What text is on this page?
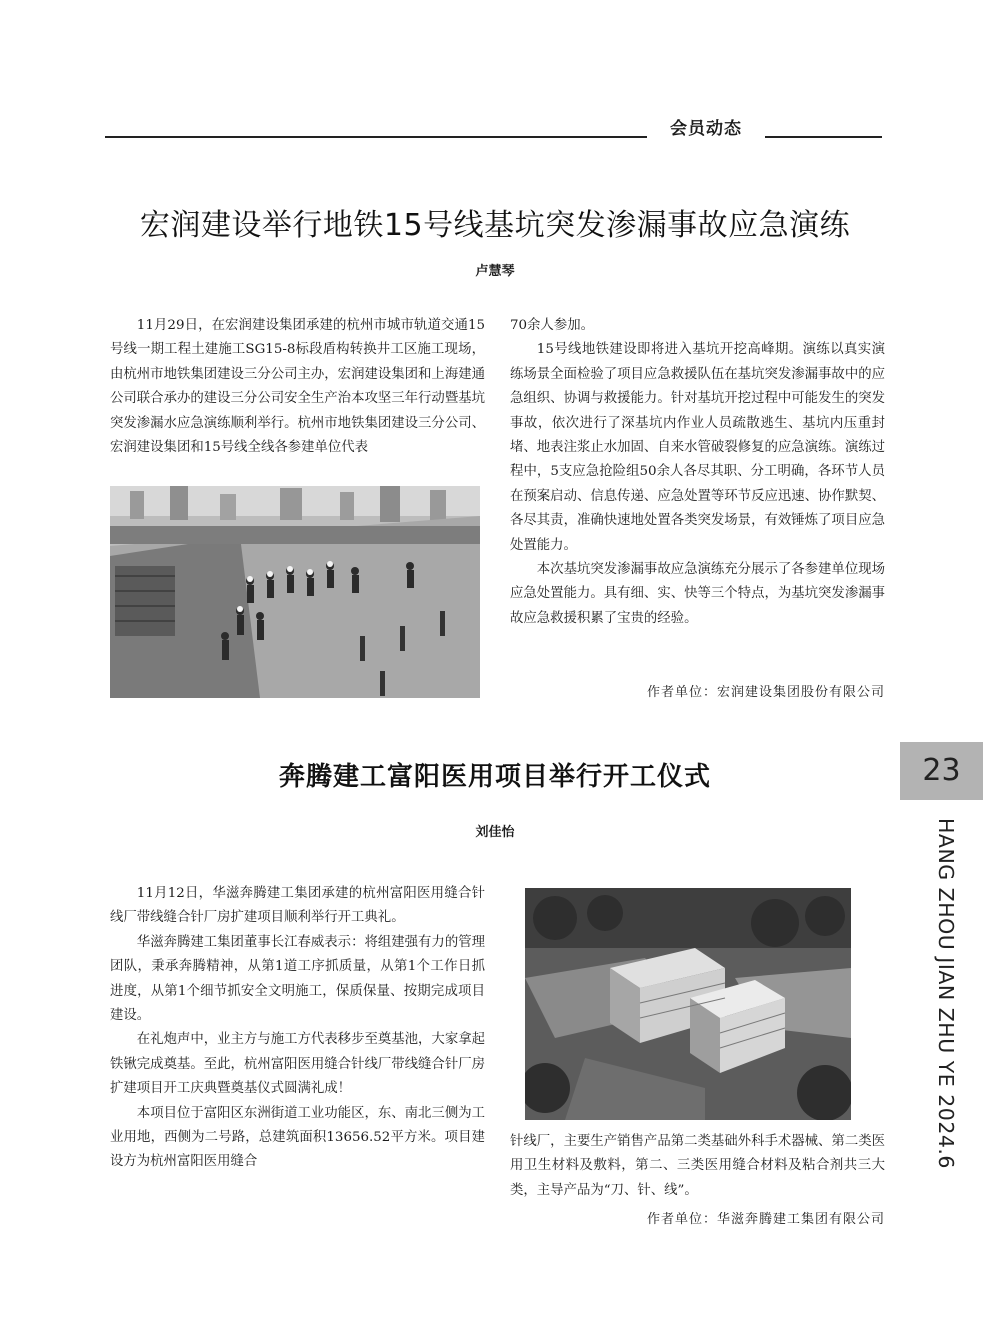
会员动态
宏润建设举行地铁15号线基坑突发渗漏事故应急演练
卢慧琴

11月29日，在宏润建设集团承建的杭州市城市轨道交通15号线一期工程土建施工SG15-8标段盾构转换井工区施工现场，由杭州市地铁集团建设三分公司主办，宏润建设集团和上海建通公司联合承办的建设三分公司安全生产治本攻坚三年行动暨基坑突发渗漏水应急演练顺利举行。杭州市地铁集团建设三分公司、宏润建设集团和15号线全线各参建单位代表

70余人参加。

15号线地铁建设即将进入基坑开挖高峰期。演练以真实演练场景全面检验了项目应急救援队伍在基坑突发渗漏事故中的应急组织、协调与救援能力。针对基坑开挖过程中可能发生的突发事故，依次进行了深基坑内作业人员疏散逃生、基坑内压重封堵、地表注浆止水加固、自来水管破裂修复的应急演练。演练过程中，5支应急抢险组50余人各尽其职、分工明确，各环节人员在预案启动、信息传递、应急处置等环节反应迅速、协作默契、各尽其责，准确快速地处置各类突发场景，有效锤炼了项目应急处置能力。

本次基坑突发渗漏事故应急演练充分展示了各参建单位现场应急处置能力。具有细、实、快等三个特点，为基坑突发渗漏事故应急救援积累了宝贵的经验。

作者单位：宏润建设集团股份有限公司
奔腾建工富阳医用项目举行开工仪式
刘佳怡

11月12日，华滋奔腾建工集团承建的杭州富阳医用缝合针线厂带线缝合针厂房扩建项目顺利举行开工典礼。

华滋奔腾建工集团董事长江春威表示：将组建强有力的管理团队，秉承奔腾精神，从第1道工序抓质量，从第1个工作日抓进度，从第1个细节抓安全文明施工，保质保量、按期完成项目建设。

在礼炮声中，业主方与施工方代表移步至奠基池，大家拿起铁锹完成奠基。至此，杭州富阳医用缝合针线厂带线缝合针厂房扩建项目开工庆典暨奠基仪式圆满礼成！

本项目位于富阳区东洲街道工业功能区，东、南北三侧为工业用地，西侧为二号路，总建筑面积13656.52平方米。项目建设方为杭州富阳医用缝合

针线厂，主要生产销售产品第二类基础外科手术器械、第二类医用卫生材料及敷料，第二、三类医用缝合材料及粘合剂共三大类，主导产品为“刀、针、线”。

作者单位：华滋奔腾建工集团有限公司
23
HANG ZHOU JIAN ZHU YE 2024.6
